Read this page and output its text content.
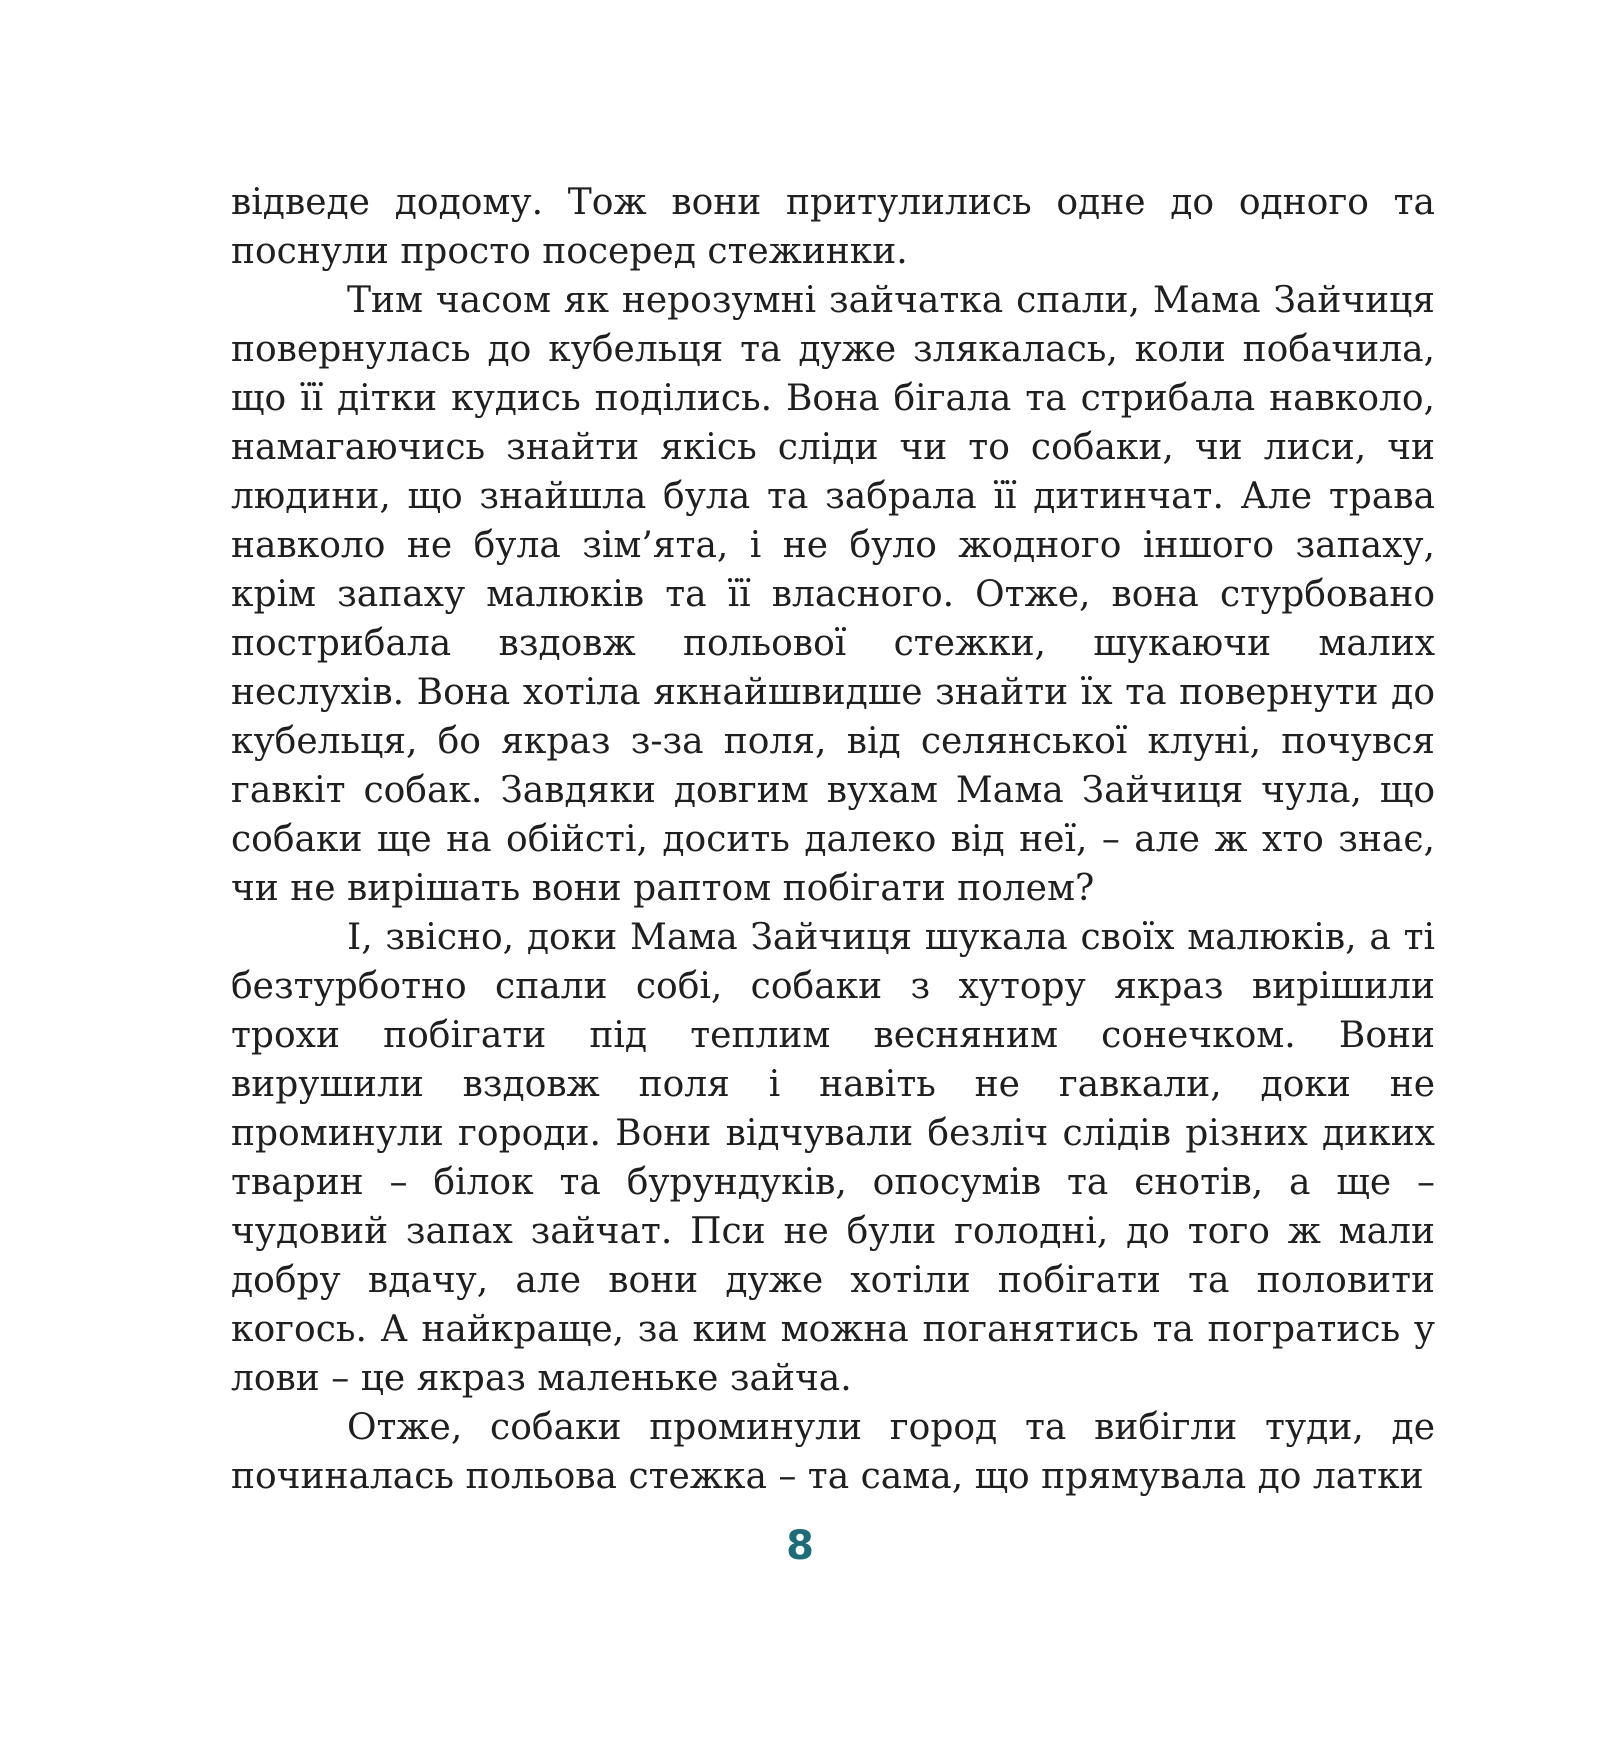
відведе додому. Тож вони притулились одне до одного та поснули просто посеред стежинки.

Тим часом як нерозумні зайчатка спали, Мама Зайчиця повернулась до кубельця та дуже злякалась, коли побачила, що її дітки кудись поділись. Вона бігала та стрибала навколо, намагаючись знайти якісь сліди чи то собаки, чи лиси, чи людини, що знайшла була та забрала її дитинчат. Але трава навколо не була зім’ята, і не було жодного іншого запаху, крім запаху малюків та її власного. Отже, вона стурбовано пострибала вздовж польової стежки, шукаючи малих неслухів. Вона хотіла якнайшвидше знайти їх та повернути до кубельця, бо якраз з-за поля, від селянської клуні, почувся гавкіт собак. Завдяки довгим вухам Мама Зайчиця чула, що собаки ще на обійсті, досить далеко від неї, – але ж хто знає, чи не вирішать вони раптом побігати полем?

І, звісно, доки Мама Зайчиця шукала своїх малюків, а ті безтурботно спали собі, собаки з хутору якраз вирішили трохи побігати під теплим весняним сонечком. Вони вирушили вздовж поля і навіть не гавкали, доки не проминули городи. Вони відчували безліч слідів різних диких тварин – білок та бурундуків, опосумів та єнотів, а ще – чудовий запах зайчат. Пси не були голодні, до того ж мали добру вдачу, але вони дуже хотіли побігати та половити когось. А найкраще, за ким можна поганятись та погратись у лови – це якраз маленьке зайча.

Отже, собаки проминули город та вибігли туди, де починалась польова стежка – та сама, що прямувала до латки

8
